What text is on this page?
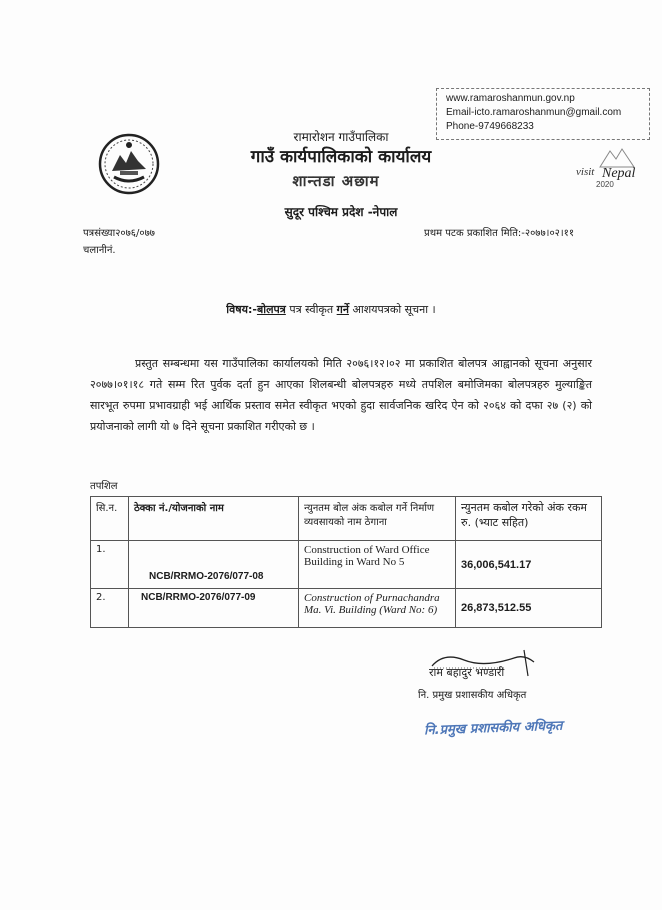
www.ramaroshanmun.gov.np
Email-icto.ramaroshanmun@gmail.com
Phone-9749668233
visit Nepal
2020
रामारोशन गाउँपालिका
गाउँ कार्यपालिकाको कार्यालय
शान्तडा अछाम
सुदूर पश्चिम प्रदेश -नेपाल
पत्रसंख्या२०७६/०७७
चलानीनं.
प्रथम पटक प्रकाशित मिति:-२०७७।०२।११
विषय:-बोलपत्र पत्र स्वीकृत गर्ने आशयपत्रको सूचना ।
प्रस्तुत सम्बन्धमा यस गाउँपालिका कार्यालयको मिति २०७६।१२।०२ मा प्रकाशित बोलपत्र आह्वानको सूचना अनुसार २०७७।०१।१८ गते सम्म रित पुर्वक दर्ता हुन आएका शिलबन्धी बोलपत्रहरु मध्ये तपशिल बमोजिमका बोलपत्रहरु मुल्याङ्कित सारभूत रुपमा प्रभावग्राही भई आर्थिक प्रस्ताव समेत स्वीकृत भएको हुदा सार्वजनिक खरिद ऐन को २०६४ को दफा २७ (२) को प्रयोजनाको लागी यो ७ दिने सूचना प्रकाशित गरीएको छ ।
तपशिल
सि.न.	ठेक्का नं./योजनाको नाम	न्युनतम बोल अंक कबोल गर्ने निर्माण व्यवसायको नाम ठेगाना	न्युनतम कबोल गरेको अंक रकम रु. (भ्याट सहित)
1.	NCB/RRMO-2076/077-08	Construction of Ward Office Building in Ward No 5	36,006,541.17
2.	NCB/RRMO-2076/077-09	Construction of Purnachandra Ma. Vi. Building (Ward No: 6)	26,873,512.55
राम बहादुर भण्डारी
नि. प्रमुख प्रशासकीय अधिकृत
नि.प्रमुख प्रशासकीय अधिकृत
